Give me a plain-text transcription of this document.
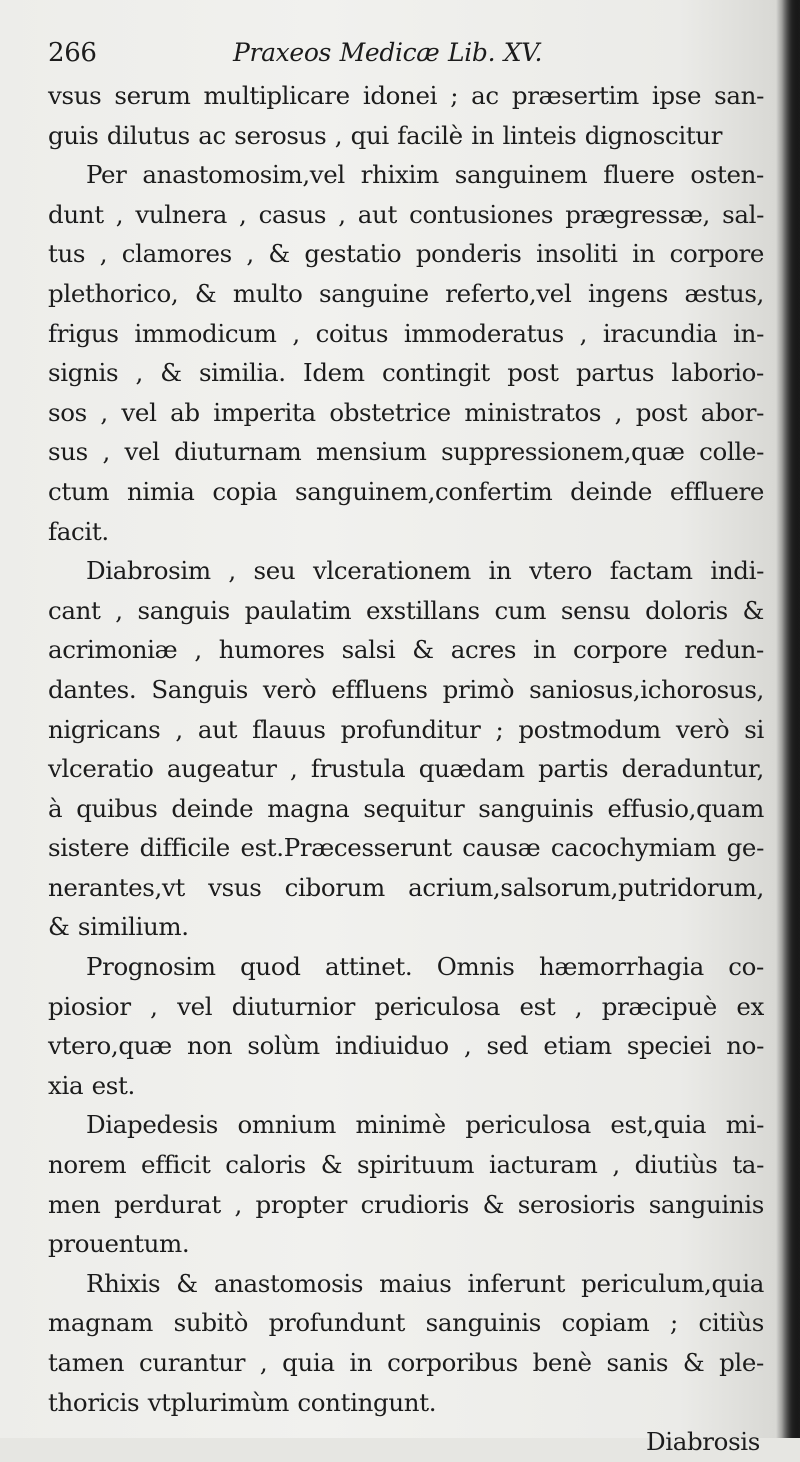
266	Praxeos Medicæ Lib. XV.
vsus serum multiplicare idonei ; ac præsertim ipse san-
guis dilutus ac serosus , qui facilè in linteis dignoscitur
Per anastomosim,vel rhixim sanguinem fluere osten-
dunt , vulnera , casus , aut contusiones prægressæ, sal-
tus , clamores , & gestatio ponderis insoliti in corpore
plethorico, & multo sanguine referto,vel ingens æstus,
frigus immodicum , coitus immoderatus , iracundia in-
signis , & similia. Idem contingit post partus laborio-
sos , vel ab imperita obstetrice ministratos , post abor-
sus , vel diuturnam mensium suppressionem,quæ colle-
ctum nimia copia sanguinem,confertim deinde effluere
facit.
Diabrosim , seu vlcerationem in vtero factam indi-
cant , sanguis paulatim exstillans cum sensu doloris &
acrimoniæ , humores salsi & acres in corpore redun-
dantes. Sanguis verò effluens primò saniosus,ichorosus,
nigricans , aut flauus profunditur ; postmodum verò si
vlceratio augeatur , frustula quædam partis deraduntur,
à quibus deinde magna sequitur sanguinis effusio,quam
sistere difficile est.Præcesserunt causæ cacochymiam ge-
nerantes,vt vsus ciborum acrium,salsorum,putridorum,
& similium.
Prognosim quod attinet. Omnis hæmorrhagia co-
piosior , vel diuturnior periculosa est , præcipuè ex
vtero,quæ non solùm indiuiduo , sed etiam speciei no-
xia est.
Diapedesis omnium minimè periculosa est,quia mi-
norem efficit caloris & spirituum iacturam , diutiùs ta-
men perdurat , propter crudioris & serosioris sanguinis
prouentum.
Rhixis & anastomosis maius inferunt periculum,quia
magnam subitò profundunt sanguinis copiam ; citiùs
tamen curantur , quia in corporibus benè sanis & ple-
thoricis vtplurimùm contingunt.
Diabrosis
